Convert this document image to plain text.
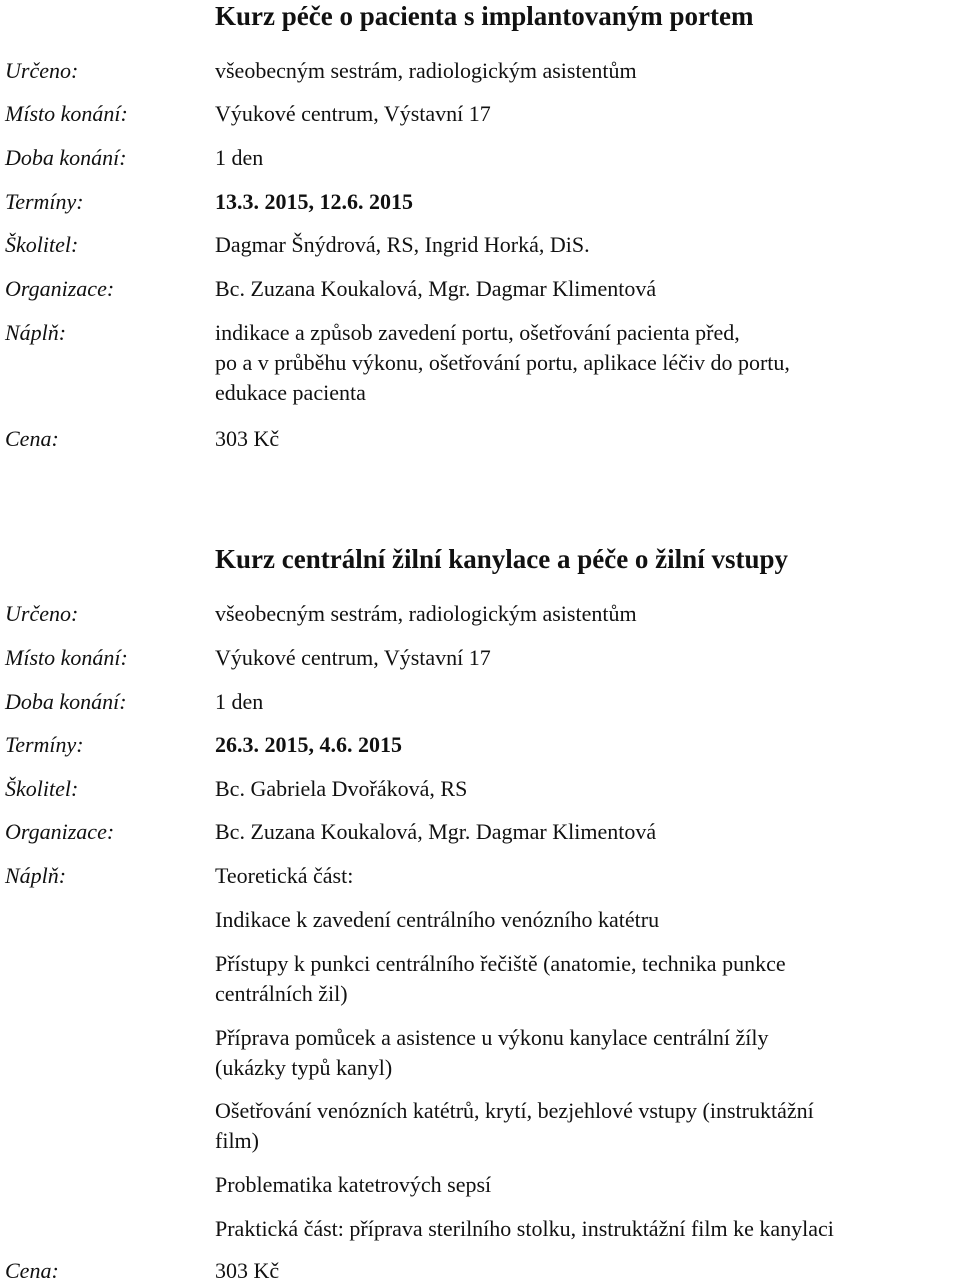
Kurz péče o pacienta s implantovaným portem
Určeno:	všeobecným sestrám, radiologickým asistentům
Místo konání:	Výukové centrum, Výstavní 17
Doba konání:	1 den
Termíny:	13.3. 2015, 12.6. 2015
Školitel:	Dagmar Šnýdrová, RS, Ingrid Horká, DiS.
Organizace:	Bc. Zuzana Koukalová, Mgr. Dagmar Klimentová
Náplň:	indikace a způsob zavedení portu, ošetřování pacienta před,
po a v průběhu výkonu, ošetřování portu, aplikace léčiv do portu,
edukace pacienta
Cena:	303 Kč
Kurz centrální žilní kanylace a péče o žilní vstupy
Určeno:	všeobecným sestrám, radiologickým asistentům
Místo konání:	Výukové centrum, Výstavní 17
Doba konání:	1 den
Termíny:	26.3. 2015, 4.6. 2015
Školitel:	Bc. Gabriela Dvořáková, RS
Organizace:	Bc. Zuzana Koukalová, Mgr. Dagmar Klimentová
Náplň:	Teoretická část:
Indikace k zavedení centrálního venózního katétru
Přístupy k punkci centrálního řečiště (anatomie, technika punkce
centrálních žil)
Příprava pomůcek a asistence u výkonu kanylace centrální žíly
(ukázky typů kanyl)
Ošetřování venózních katétrů, krytí, bezjehlové vstupy (instruktážní
film)
Problematika katetrových sepsí
Praktická část: příprava sterilního stolku, instruktážní film ke kanylaci
Cena:	303 Kč
